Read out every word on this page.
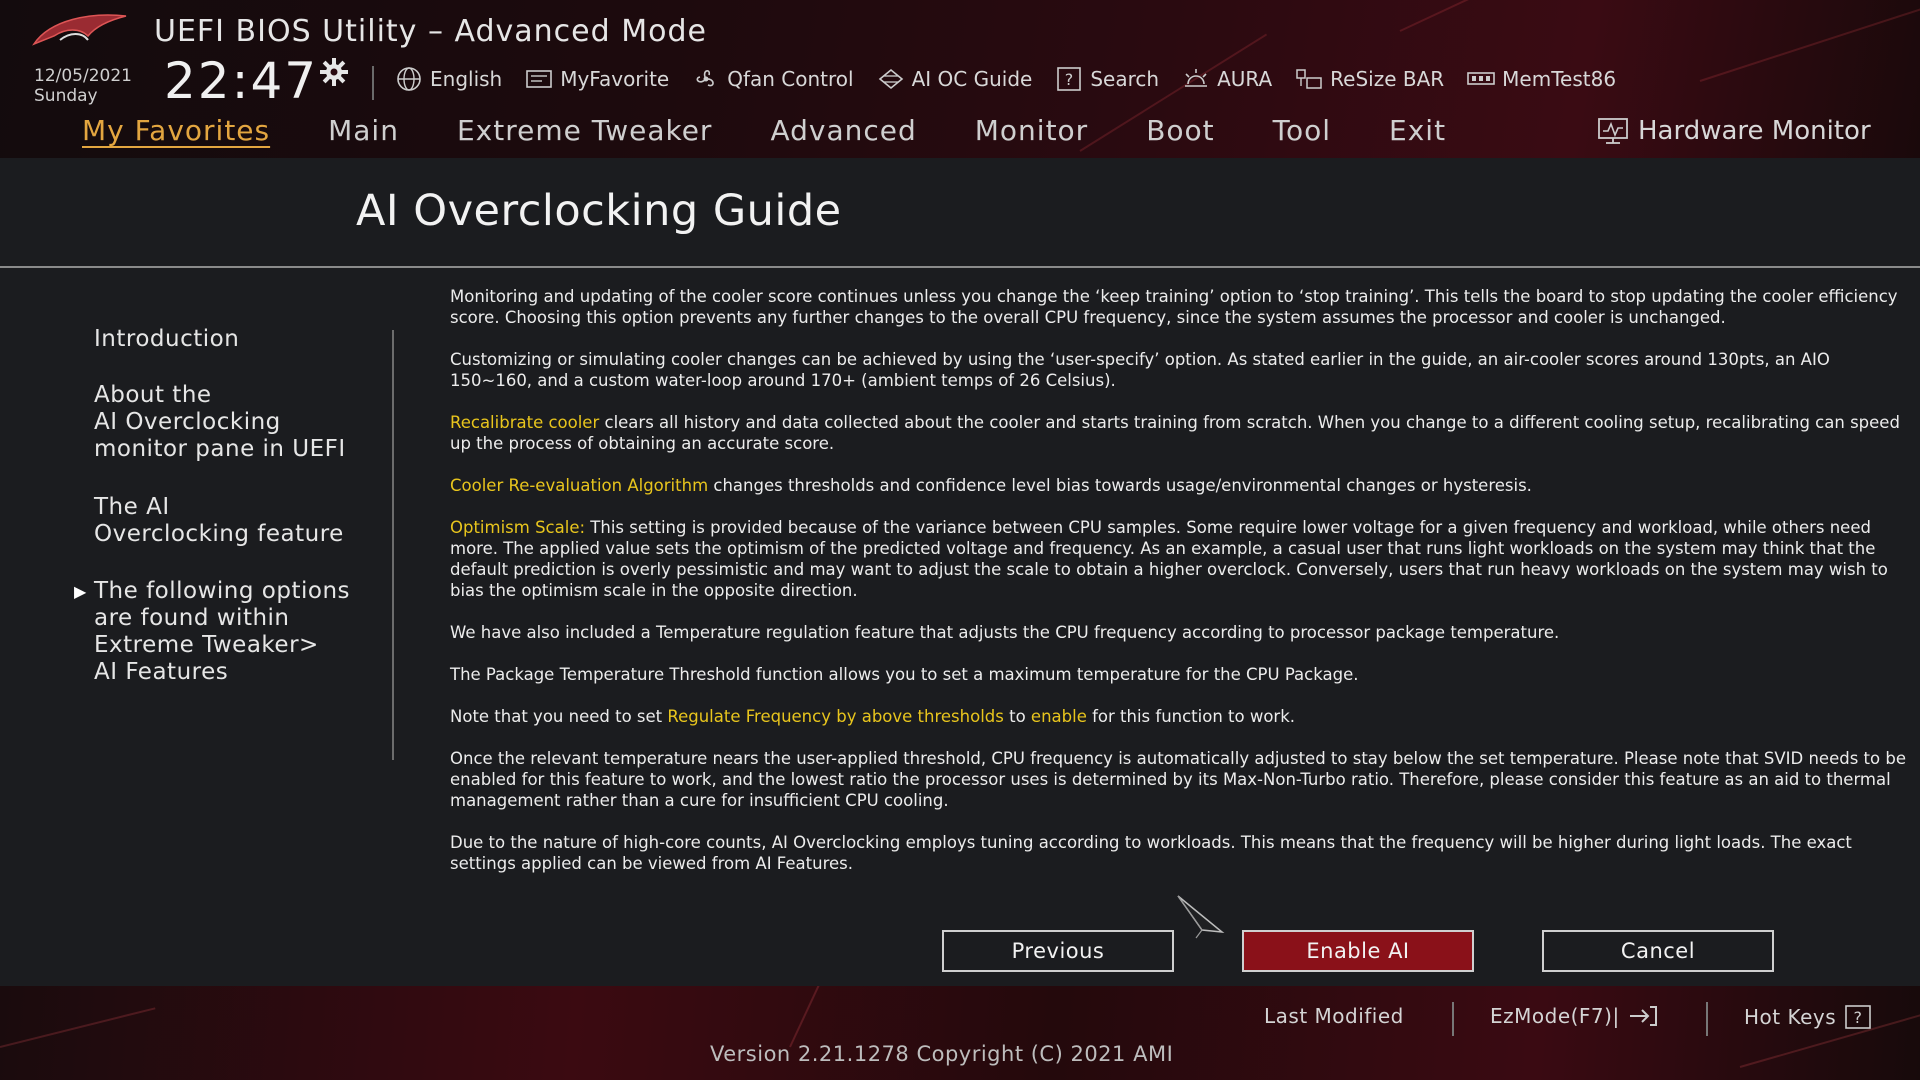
UEFI BIOS Utility – Advanced Mode
12/05/2021
Sunday 22:47	English	MyFavorite	Qfan Control	AI OC Guide ? Search	AURA	ReSize BAR	MemTest86
My Favorites Main Extreme Tweaker Advanced Monitor Boot Tool Exit	Hardware Monitor
AI Overclocking Guide
Introduction
About the
AI Overclocking
monitor pane in UEFI
The AI
Overclocking feature
▶ The following options
are found within
Extreme Tweaker>
AI Features

Monitoring and updating of the cooler score continues unless you change the ‘keep training’ option to ‘stop training’. This tells the board to stop updating the cooler efficiency score. Choosing this option prevents any further changes to the overall CPU frequency, since the system assumes the processor and cooler is unchanged.

Customizing or simulating cooler changes can be achieved by using the ‘user-specify’ option. As stated earlier in the guide, an air-cooler scores around 130pts, an AIO 150~160, and a custom water-loop around 170+ (ambient temps of 26 Celsius).

Recalibrate cooler clears all history and data collected about the cooler and starts training from scratch. When you change to a different cooling setup, recalibrating can speed up the process of obtaining an accurate score.

Cooler Re-evaluation Algorithm changes thresholds and confidence level bias towards usage/environmental changes or hysteresis.

Optimism Scale: This setting is provided because of the variance between CPU samples. Some require lower voltage for a given frequency and workload, while others need more. The applied value sets the optimism of the predicted voltage and frequency. As an example, a casual user that runs light workloads on the system may think that the default prediction is overly pessimistic and may want to adjust the scale to obtain a higher overclock. Conversely, users that run heavy workloads on the system may wish to bias the optimism scale in the opposite direction.

We have also included a Temperature regulation feature that adjusts the CPU frequency according to processor package temperature.

The Package Temperature Threshold function allows you to set a maximum temperature for the CPU Package.

Note that you need to set Regulate Frequency by above thresholds to enable for this function to work.

Once the relevant temperature nears the user-applied threshold, CPU frequency is automatically adjusted to stay below the set temperature. Please note that SVID needs to be enabled for this feature to work, and the lowest ratio the processor uses is determined by its Max-Non-Turbo ratio. Therefore, please consider this feature as an aid to thermal management rather than a cure for insufficient CPU cooling.

Due to the nature of high-core counts, AI Overclocking employs tuning according to workloads. This means that the frequency will be higher during light loads. The exact settings applied can be viewed from AI Features.

Previous	Enable AI	Cancel
Last Modified	EzMode(F7)|	Hot Keys ?
Version 2.21.1278 Copyright (C) 2021 AMI
